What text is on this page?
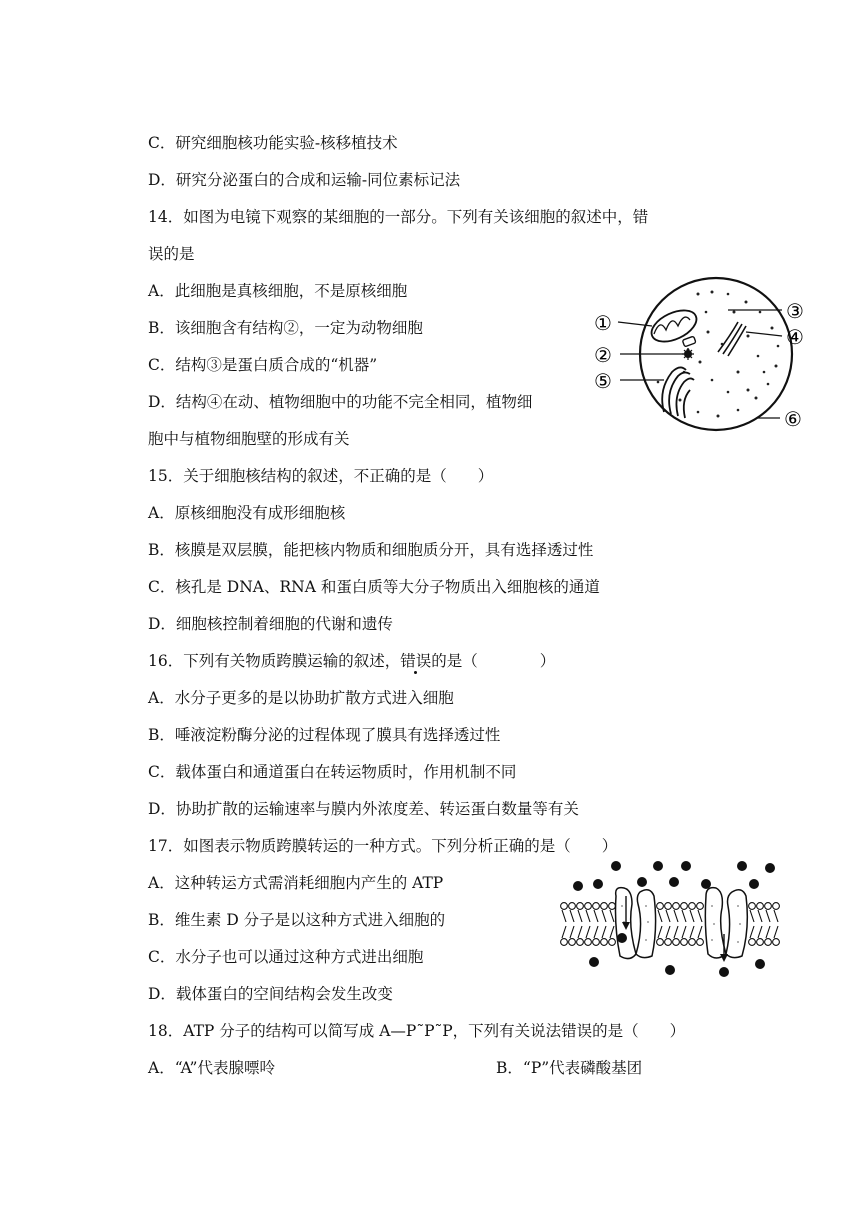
C．研究细胞核功能实验-核移植技术
D．研究分泌蛋白的合成和运输-同位素标记法
14．如图为电镜下观察的某细胞的一部分。下列有关该细胞的叙述中，错
误的是
A．此细胞是真核细胞，不是原核细胞
B．该细胞含有结构②，一定为动物细胞
C．结构③是蛋白质合成的“机器”
D．结构④在动、植物细胞中的功能不完全相同，植物细
胞中与植物细胞壁的形成有关
15．关于细胞核结构的叙述，不正确的是（　　）
A．原核细胞没有成形细胞核
B．核膜是双层膜，能把核内物质和细胞质分开，具有选择透过性
C．核孔是 DNA、RNA 和蛋白质等大分子物质出入细胞核的通道
D．细胞核控制着细胞的代谢和遗传
16．下列有关物质跨膜运输的叙述，错误的是（　　　　）
A．水分子更多的是以协助扩散方式进入细胞
B．唾液淀粉酶分泌的过程体现了膜具有选择透过性
C．载体蛋白和通道蛋白在转运物质时，作用机制不同
D．协助扩散的运输速率与膜内外浓度差、转运蛋白数量等有关
17．如图表示物质跨膜转运的一种方式。下列分析正确的是（　　）
A．这种转运方式需消耗细胞内产生的 ATP
B．维生素 D 分子是以这种方式进入细胞的
C．水分子也可以通过这种方式进出细胞
D．载体蛋白的空间结构会发生改变
18．ATP 分子的结构可以简写成 A—P˜P˜P，下列有关说法错误的是（　　）
A．“A”代表腺嘌呤	B．“P”代表磷酸基团
①
②
③
④
⑤
⑥
